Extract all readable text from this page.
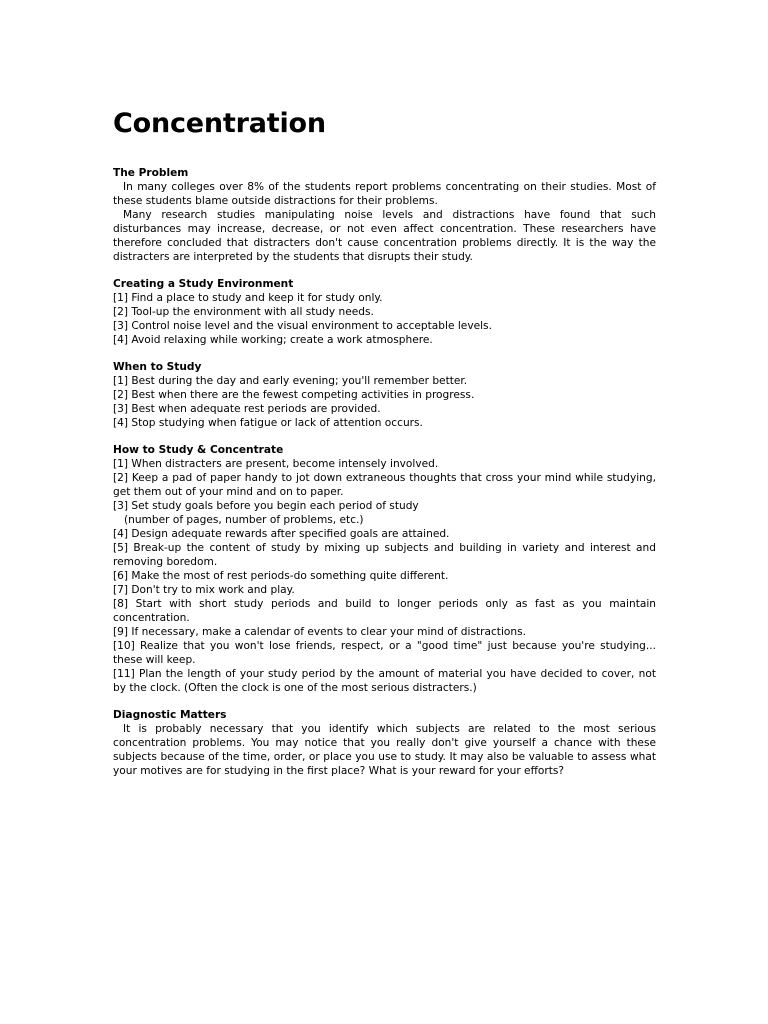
Concentration
The Problem

In many colleges over 8% of the students report problems concentrating on their studies. Most of these students blame outside distractions for their problems.

Many research studies manipulating noise levels and distractions have found that such disturbances may increase, decrease, or not even affect concentration. These researchers have therefore concluded that distracters don't cause concentration problems directly. It is the way the distracters are interpreted by the students that disrupts their study.

Creating a Study Environment
[1] Find a place to study and keep it for study only.
[2] Tool-up the environment with all study needs.
[3] Control noise level and the visual environment to acceptable levels.
[4] Avoid relaxing while working; create a work atmosphere.
When to Study
[1] Best during the day and early evening; you'll remember better.
[2] Best when there are the fewest competing activities in progress.
[3] Best when adequate rest periods are provided.
[4] Stop studying when fatigue or lack of attention occurs.
How to Study & Concentrate
[1] When distracters are present, become intensely involved.
[2] Keep a pad of paper handy to jot down extraneous thoughts that cross your mind while studying, get them out of your mind and on to paper.
[3] Set study goals before you begin each period of study
(number of pages, number of problems, etc.)
[4] Design adequate rewards after specified goals are attained.
[5] Break-up the content of study by mixing up subjects and building in variety and interest and removing boredom.
[6] Make the most of rest periods-do something quite different.
[7] Don't try to mix work and play.
[8] Start with short study periods and build to longer periods only as fast as you maintain concentration.
[9] If necessary, make a calendar of events to clear your mind of distractions.
[10] Realize that you won't lose friends, respect, or a "good time" just because you're studying... these will keep.
[11] Plan the length of your study period by the amount of material you have decided to cover, not by the clock. (Often the clock is one of the most serious distracters.)
Diagnostic Matters

It is probably necessary that you identify which subjects are related to the most serious concentration problems. You may notice that you really don't give yourself a chance with these subjects because of the time, order, or place you use to study. It may also be valuable to assess what your motives are for studying in the first place? What is your reward for your efforts?
